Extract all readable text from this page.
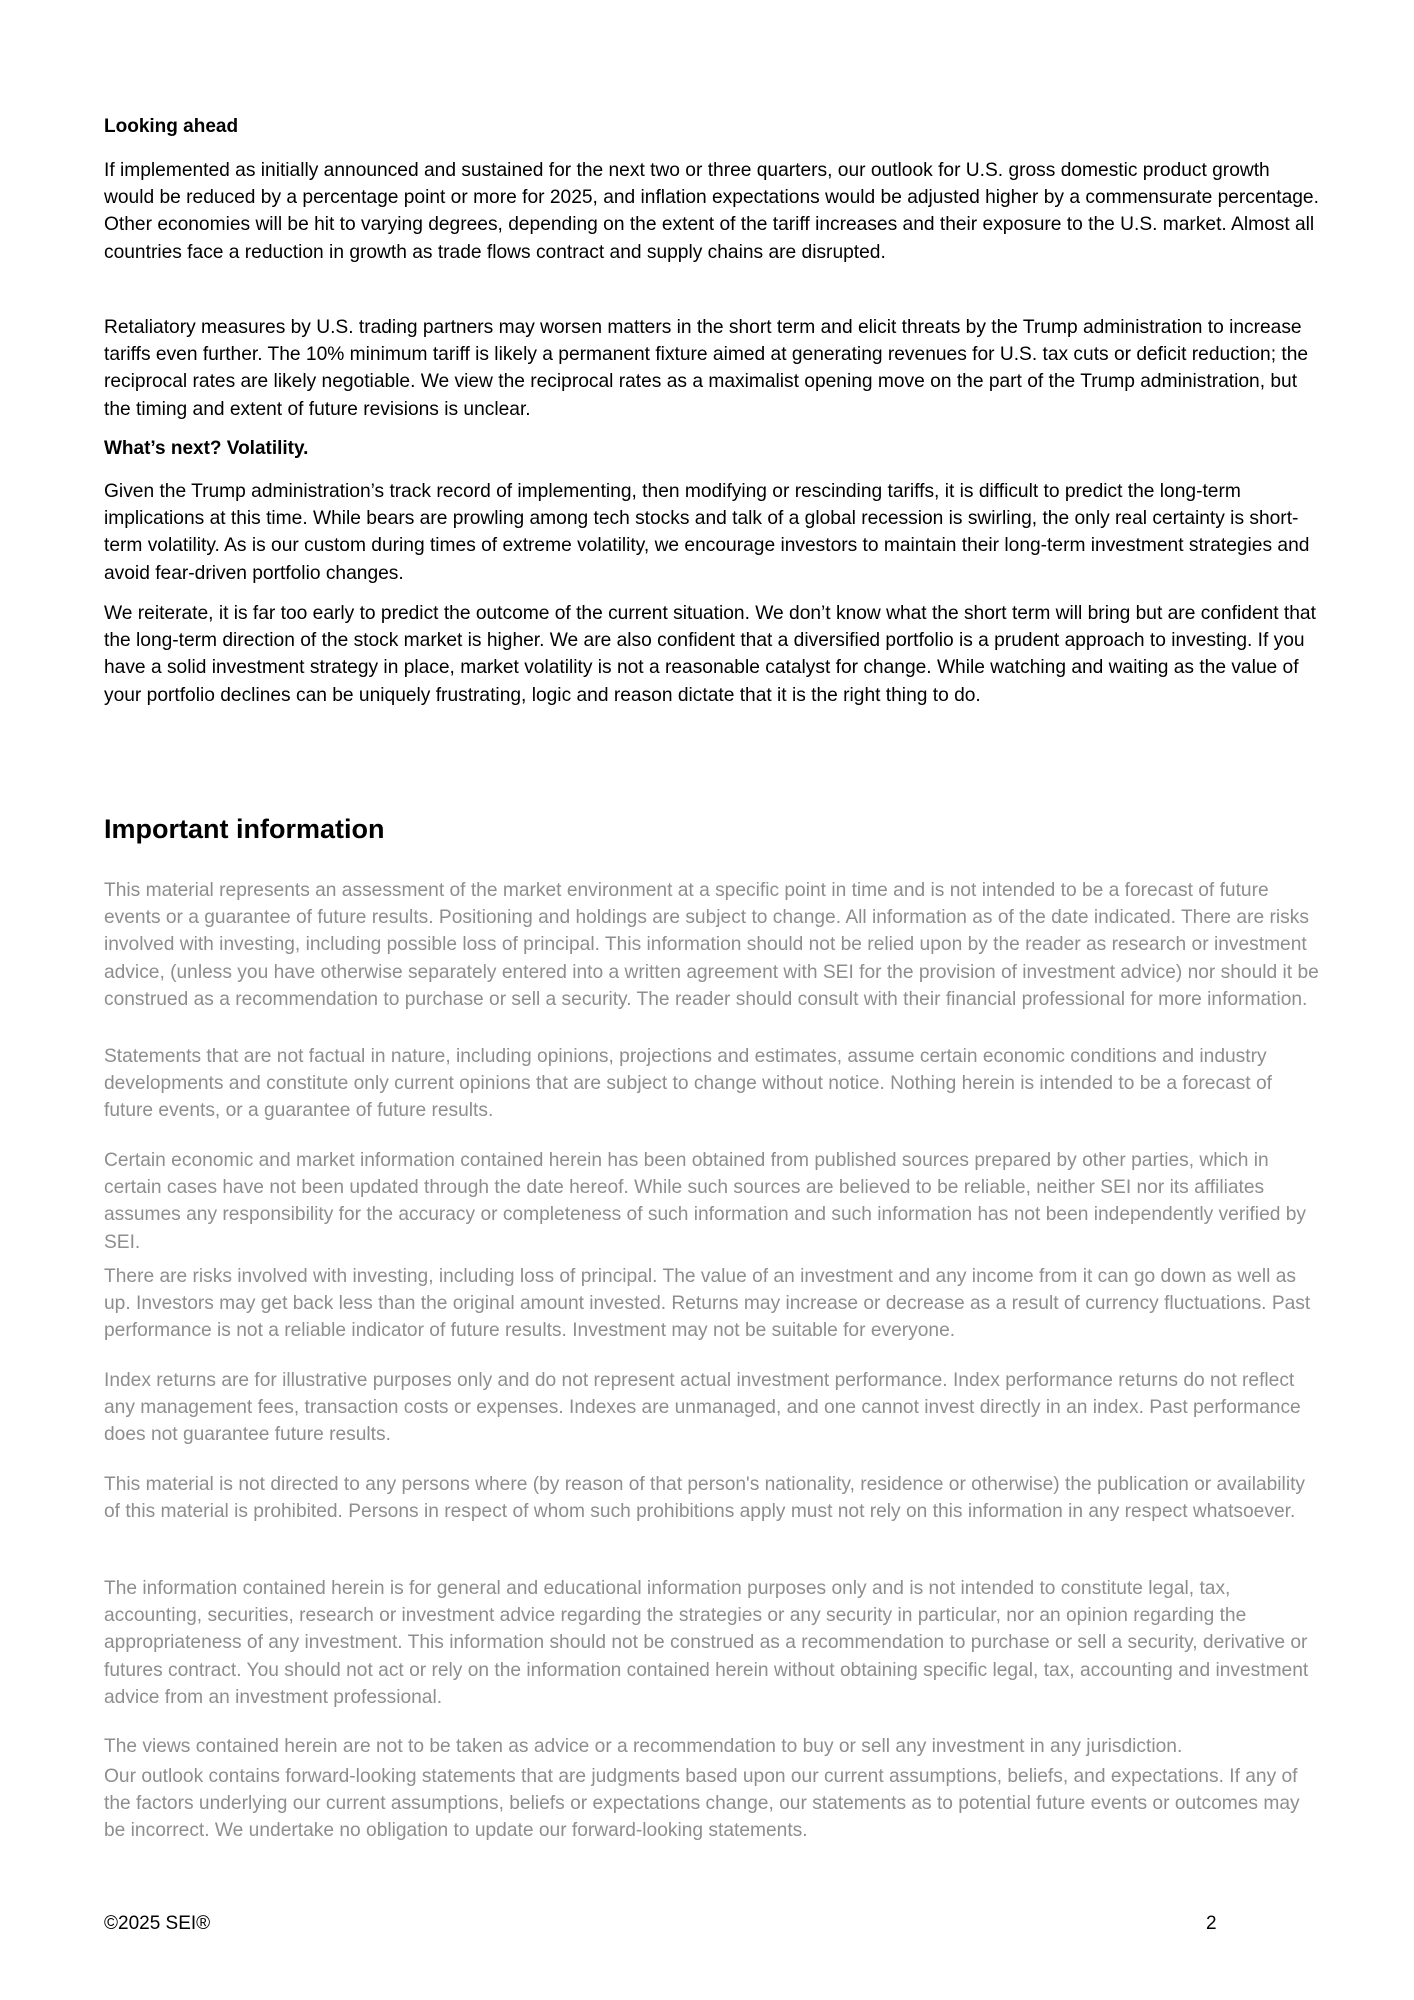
Looking ahead

If implemented as initially announced and sustained for the next two or three quarters, our outlook for U.S. gross domestic product growth would be reduced by a percentage point or more for 2025, and inflation expectations would be adjusted higher by a commensurate percentage. Other economies will be hit to varying degrees, depending on the extent of the tariff increases and their exposure to the U.S. market. Almost all countries face a reduction in growth as trade flows contract and supply chains are disrupted.

Retaliatory measures by U.S. trading partners may worsen matters in the short term and elicit threats by the Trump administration to increase tariffs even further. The 10% minimum tariff is likely a permanent fixture aimed at generating revenues for U.S. tax cuts or deficit reduction; the reciprocal rates are likely negotiable. We view the reciprocal rates as a maximalist opening move on the part of the Trump administration, but the timing and extent of future revisions is unclear.

What’s next? Volatility.

Given the Trump administration’s track record of implementing, then modifying or rescinding tariffs, it is difficult to predict the long-term implications at this time. While bears are prowling among tech stocks and talk of a global recession is swirling, the only real certainty is short-term volatility. As is our custom during times of extreme volatility, we encourage investors to maintain their long-term investment strategies and avoid fear-driven portfolio changes.

We reiterate, it is far too early to predict the outcome of the current situation. We don’t know what the short term will bring but are confident that the long-term direction of the stock market is higher. We are also confident that a diversified portfolio is a prudent approach to investing. If you have a solid investment strategy in place, market volatility is not a reasonable catalyst for change. While watching and waiting as the value of your portfolio declines can be uniquely frustrating, logic and reason dictate that it is the right thing to do.

Important information

This material represents an assessment of the market environment at a specific point in time and is not intended to be a forecast of future events or a guarantee of future results. Positioning and holdings are subject to change. All information as of the date indicated. There are risks involved with investing, including possible loss of principal. This information should not be relied upon by the reader as research or investment advice, (unless you have otherwise separately entered into a written agreement with SEI for the provision of investment advice) nor should it be construed as a recommendation to purchase or sell a security. The reader should consult with their financial professional for more information.

Statements that are not factual in nature, including opinions, projections and estimates, assume certain economic conditions and industry developments and constitute only current opinions that are subject to change without notice. Nothing herein is intended to be a forecast of future events, or a guarantee of future results.

Certain economic and market information contained herein has been obtained from published sources prepared by other parties, which in certain cases have not been updated through the date hereof. While such sources are believed to be reliable, neither SEI nor its affiliates assumes any responsibility for the accuracy or completeness of such information and such information has not been independently verified by SEI.

There are risks involved with investing, including loss of principal. The value of an investment and any income from it can go down as well as up. Investors may get back less than the original amount invested. Returns may increase or decrease as a result of currency fluctuations. Past performance is not a reliable indicator of future results. Investment may not be suitable for everyone.

Index returns are for illustrative purposes only and do not represent actual investment performance. Index performance returns do not reflect any management fees, transaction costs or expenses. Indexes are unmanaged, and one cannot invest directly in an index. Past performance does not guarantee future results.

This material is not directed to any persons where (by reason of that person's nationality, residence or otherwise) the publication or availability of this material is prohibited. Persons in respect of whom such prohibitions apply must not rely on this information in any respect whatsoever.

The information contained herein is for general and educational information purposes only and is not intended to constitute legal, tax, accounting, securities, research or investment advice regarding the strategies or any security in particular, nor an opinion regarding the appropriateness of any investment. This information should not be construed as a recommendation to purchase or sell a security, derivative or futures contract. You should not act or rely on the information contained herein without obtaining specific legal, tax, accounting and investment advice from an investment professional.

The views contained herein are not to be taken as advice or a recommendation to buy or sell any investment in any jurisdiction.

Our outlook contains forward-looking statements that are judgments based upon our current assumptions, beliefs, and expectations. If any of the factors underlying our current assumptions, beliefs or expectations change, our statements as to potential future events or outcomes may be incorrect. We undertake no obligation to update our forward-looking statements.

©2025 SEI®	2
